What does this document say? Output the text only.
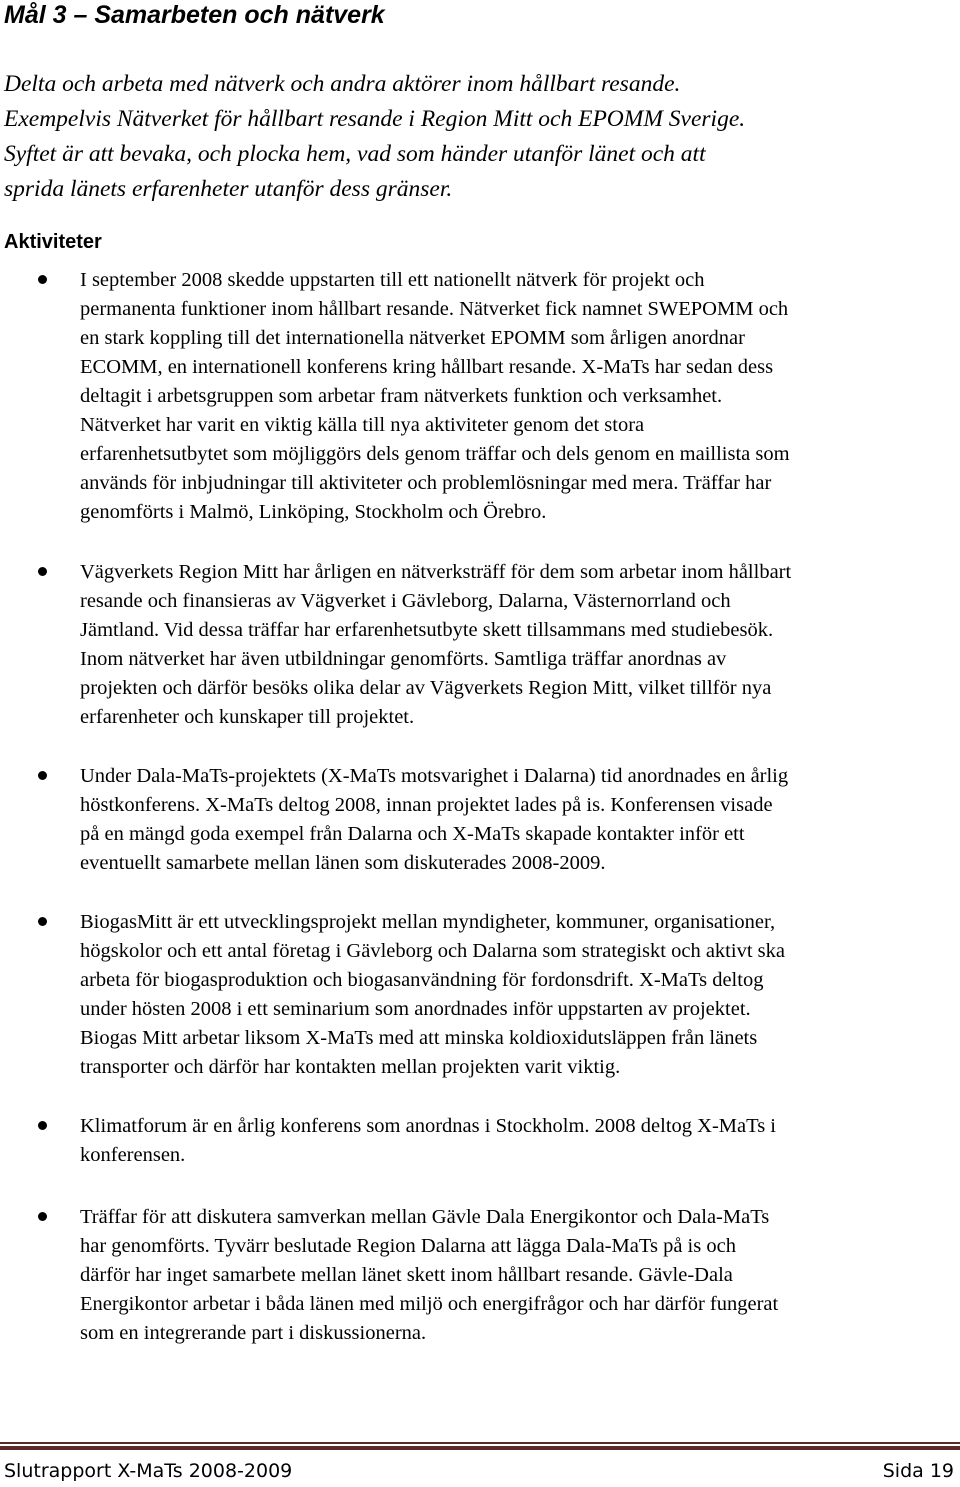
Mål 3 – Samarbeten och nätverk
Delta och arbeta med nätverk och andra aktörer inom hållbart resande.
Exempelvis Nätverket för hållbart resande i Region Mitt och EPOMM Sverige.
Syftet är att bevaka, och plocka hem, vad som händer utanför länet och att
sprida länets erfarenheter utanför dess gränser.
Aktiviteter

I september 2008 skedde uppstarten till ett nationellt nätverk för projekt och
permanenta funktioner inom hållbart resande. Nätverket fick namnet SWEPOMM och
en stark koppling till det internationella nätverket EPOMM som årligen anordnar
ECOMM, en internationell konferens kring hållbart resande. X-MaTs har sedan dess
deltagit i arbetsgruppen som arbetar fram nätverkets funktion och verksamhet.
Nätverket har varit en viktig källa till nya aktiviteter genom det stora
erfarenhetsutbytet som möjliggörs dels genom träffar och dels genom en maillista som
används för inbjudningar till aktiviteter och problemlösningar med mera. Träffar har
genomförts i Malmö, Linköping, Stockholm och Örebro.

Vägverkets Region Mitt har årligen en nätverksträff för dem som arbetar inom hållbart
resande och finansieras av Vägverket i Gävleborg, Dalarna, Västernorrland och
Jämtland. Vid dessa träffar har erfarenhetsutbyte skett tillsammans med studiebesök.
Inom nätverket har även utbildningar genomförts. Samtliga träffar anordnas av
projekten och därför besöks olika delar av Vägverkets Region Mitt, vilket tillför nya
erfarenheter och kunskaper till projektet.

Under Dala-MaTs-projektets (X-MaTs motsvarighet i Dalarna) tid anordnades en årlig
höstkonferens. X-MaTs deltog 2008, innan projektet lades på is. Konferensen visade
på en mängd goda exempel från Dalarna och X-MaTs skapade kontakter inför ett
eventuellt samarbete mellan länen som diskuterades 2008-2009.

BiogasMitt är ett utvecklingsprojekt mellan myndigheter, kommuner, organisationer,
högskolor och ett antal företag i Gävleborg och Dalarna som strategiskt och aktivt ska
arbeta för biogasproduktion och biogasanvändning för fordonsdrift. X-MaTs deltog
under hösten 2008 i ett seminarium som anordnades inför uppstarten av projektet.
Biogas Mitt arbetar liksom X-MaTs med att minska koldioxidutsläppen från länets
transporter och därför har kontakten mellan projekten varit viktig.

Klimatforum är en årlig konferens som anordnas i Stockholm. 2008 deltog X-MaTs i
konferensen.

Träffar för att diskutera samverkan mellan Gävle Dala Energikontor och Dala-MaTs
har genomförts. Tyvärr beslutade Region Dalarna att lägga Dala-MaTs på is och
därför har inget samarbete mellan länet skett inom hållbart resande. Gävle-Dala
Energikontor arbetar i båda länen med miljö och energifrågor och har därför fungerat
som en integrerande part i diskussionerna.

Slutrapport X-MaTs 2008-2009	Sida 19
